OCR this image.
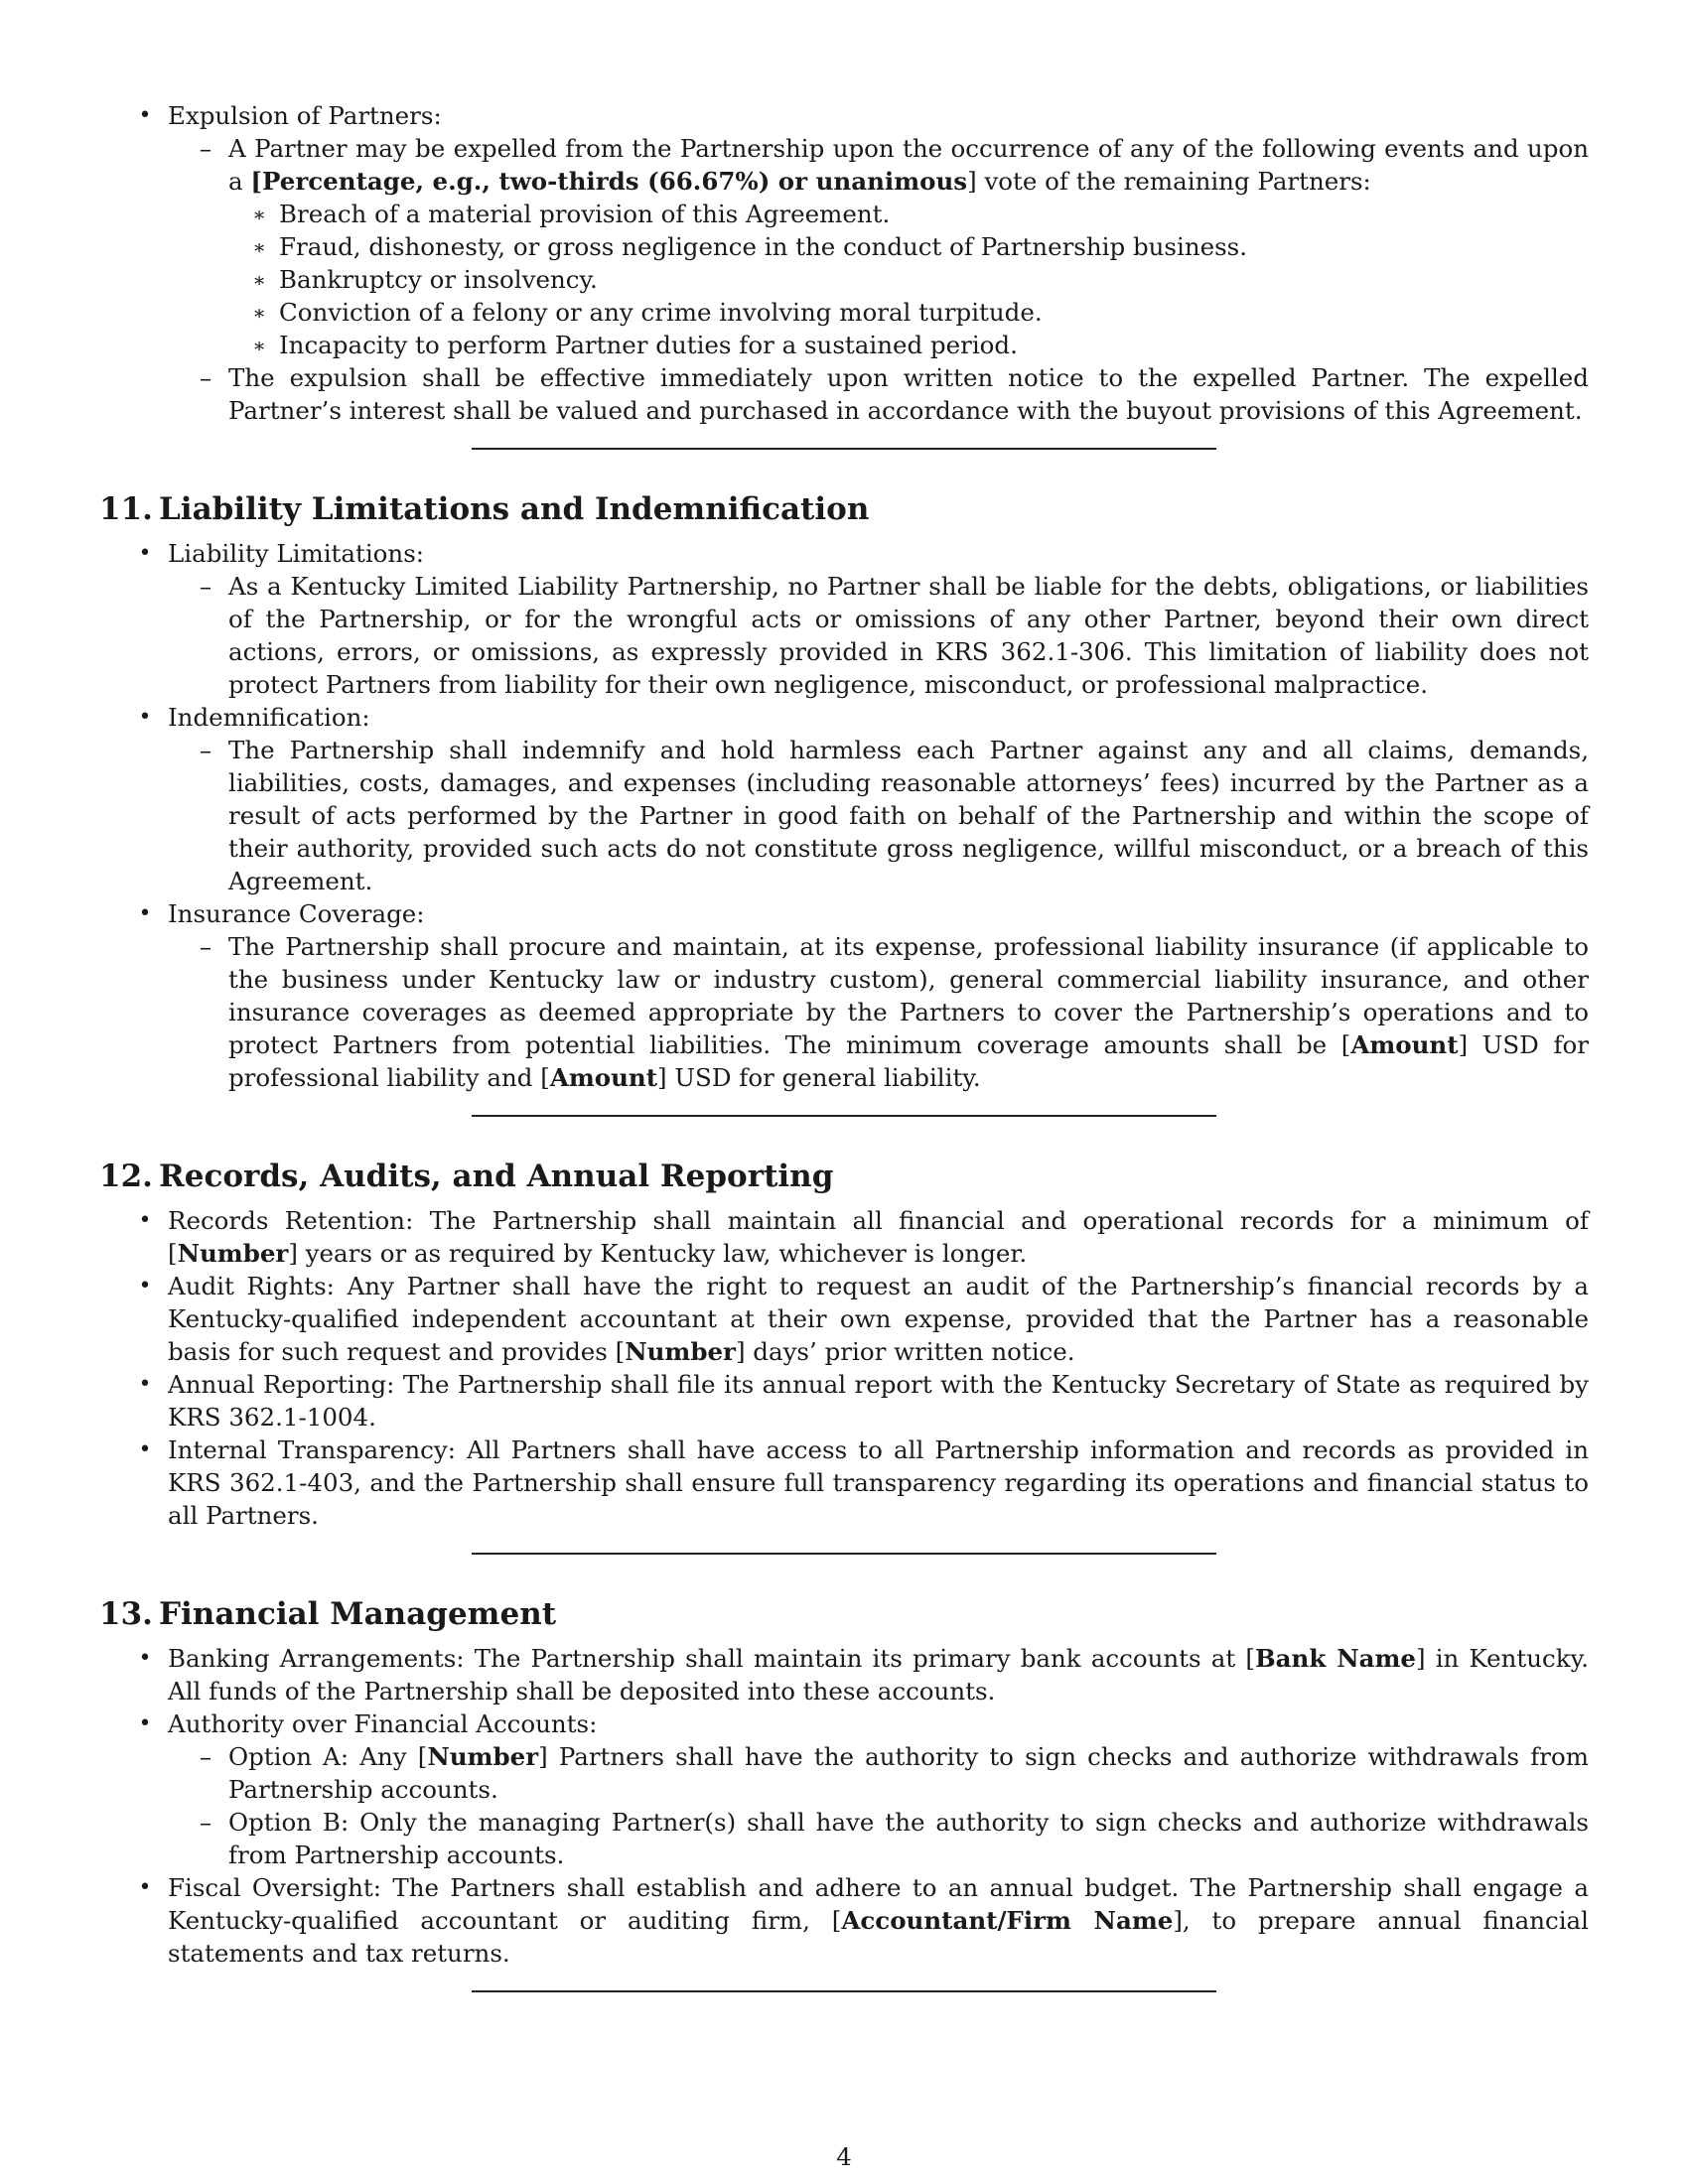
• Expulsion of Partners:
– A Partner may be expelled from the Partnership upon the occurrence of any of the following events and upon a [Percentage, e.g., two-thirds (66.67%) or unanimous] vote of the remaining Partners:
∗ Breach of a material provision of this Agreement.
∗ Fraud, dishonesty, or gross negligence in the conduct of Partnership business.
∗ Bankruptcy or insolvency.
∗ Conviction of a felony or any crime involving moral turpitude.
∗ Incapacity to perform Partner duties for a sustained period.
– The expulsion shall be effective immediately upon written notice to the expelled Partner. The expelled Partner’s interest shall be valued and purchased in accordance with the buyout provisions of this Agreement.
11. Liability Limitations and Indemnification
• Liability Limitations:
– As a Kentucky Limited Liability Partnership, no Partner shall be liable for the debts, obligations, or liabilities of the Partnership, or for the wrongful acts or omissions of any other Partner, beyond their own direct actions, errors, or omissions, as expressly provided in KRS 362.1-306. This limitation of liability does not protect Partners from liability for their own negligence, misconduct, or professional malpractice.
• Indemnification:
– The Partnership shall indemnify and hold harmless each Partner against any and all claims, demands, liabilities, costs, damages, and expenses (including reasonable attorneys’ fees) incurred by the Partner as a result of acts performed by the Partner in good faith on behalf of the Partnership and within the scope of their authority, provided such acts do not constitute gross negligence, willful misconduct, or a breach of this Agreement.
• Insurance Coverage:
– The Partnership shall procure and maintain, at its expense, professional liability insurance (if applicable to the business under Kentucky law or industry custom), general commercial liability insurance, and other insurance coverages as deemed appropriate by the Partners to cover the Partnership’s operations and to protect Partners from potential liabilities. The minimum coverage amounts shall be [Amount] USD for professional liability and [Amount] USD for general liability.
12. Records, Audits, and Annual Reporting
• Records Retention: The Partnership shall maintain all financial and operational records for a minimum of [Number] years or as required by Kentucky law, whichever is longer.
• Audit Rights: Any Partner shall have the right to request an audit of the Partnership’s financial records by a Kentucky-qualified independent accountant at their own expense, provided that the Partner has a reasonable basis for such request and provides [Number] days’ prior written notice.
• Annual Reporting: The Partnership shall file its annual report with the Kentucky Secretary of State as required by KRS 362.1-1004.
• Internal Transparency: All Partners shall have access to all Partnership information and records as provided in KRS 362.1-403, and the Partnership shall ensure full transparency regarding its operations and financial status to all Partners.
13. Financial Management
• Banking Arrangements: The Partnership shall maintain its primary bank accounts at [Bank Name] in Kentucky. All funds of the Partnership shall be deposited into these accounts.
• Authority over Financial Accounts:
– Option A: Any [Number] Partners shall have the authority to sign checks and authorize withdrawals from Partnership accounts.
– Option B: Only the managing Partner(s) shall have the authority to sign checks and authorize withdrawals from Partnership accounts.
• Fiscal Oversight: The Partners shall establish and adhere to an annual budget. The Partnership shall engage a Kentucky-qualified accountant or auditing firm, [Accountant/Firm Name], to prepare annual financial statements and tax returns.
4
